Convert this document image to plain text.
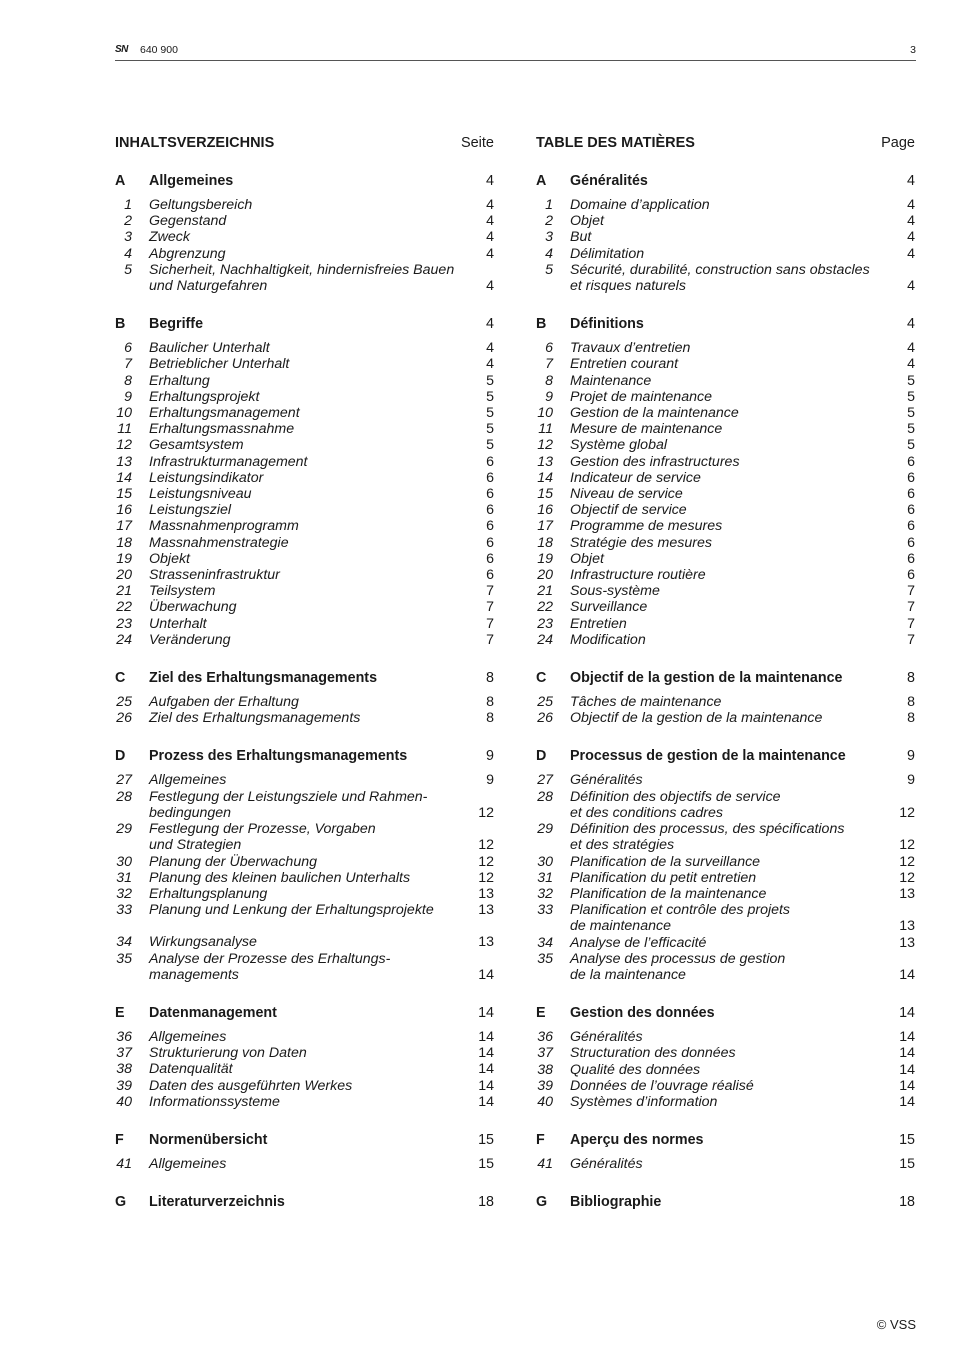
SN 640 900	3
INHALTSVERZEICHNIS	Seite
A Allgemeines	4
1 Geltungsbereich	4
2 Gegenstand	4
3 Zweck	4
4 Abgrenzung	4
5 Sicherheit, Nachhaltigkeit, hindernisfreies Bauen
und Naturgefahren	4
B Begriffe	4
6 Baulicher Unterhalt	4
7 Betrieblicher Unterhalt	4
8 Erhaltung	5
9 Erhaltungsprojekt	5
10 Erhaltungsmanagement	5
11 Erhaltungsmassnahme	5
12 Gesamtsystem	5
13 Infrastrukturmanagement	6
14 Leistungsindikator	6
15 Leistungsniveau	6
16 Leistungsziel	6
17 Massnahmenprogramm	6
18 Massnahmenstrategie	6
19 Objekt	6
20 Strasseninfrastruktur	6
21 Teilsystem	7
22 Überwachung	7
23 Unterhalt	7
24 Veränderung	7
C Ziel des Erhaltungsmanagements	8
25 Aufgaben der Erhaltung	8
26 Ziel des Erhaltungsmanagements	8
D Prozess des Erhaltungsmanagements	9
27 Allgemeines	9
28 Festlegung der Leistungsziele und Rahmen-
bedingungen	12
29 Festlegung der Prozesse, Vorgaben
und Strategien	12
30 Planung der Überwachung	12
31 Planung des kleinen baulichen Unterhalts	12
32 Erhaltungsplanung	13
33 Planung und Lenkung der Erhaltungsprojekte	13
34 Wirkungsanalyse	13
35 Analyse der Prozesse des Erhaltungs-
managements	14
E Datenmanagement	14
36 Allgemeines	14
37 Strukturierung von Daten	14
38 Datenqualität	14
39 Daten des ausgeführten Werkes	14
40 Informationssysteme	14
F Normenübersicht	15
41 Allgemeines	15
G Literaturverzeichnis	18
TABLE DES MATIÈRES	Page
A Généralités	4
1 Domaine d’application	4
2 Objet	4
3 But	4
4 Délimitation	4
5 Sécurité, durabilité, construction sans obstacles
et risques naturels	4
B Définitions	4
6 Travaux d’entretien	4
7 Entretien courant	4
8 Maintenance	5
9 Projet de maintenance	5
10 Gestion de la maintenance	5
11 Mesure de maintenance	5
12 Système global	5
13 Gestion des infrastructures	6
14 Indicateur de service	6
15 Niveau de service	6
16 Objectif de service	6
17 Programme de mesures	6
18 Stratégie des mesures	6
19 Objet	6
20 Infrastructure routière	6
21 Sous-système	7
22 Surveillance	7
23 Entretien	7
24 Modification	7
C Objectif de la gestion de la maintenance	8
25 Tâches de maintenance	8
26 Objectif de la gestion de la maintenance	8
D Processus de gestion de la maintenance	9
27 Généralités	9
28 Définition des objectifs de service
et des conditions cadres	12
29 Définition des processus, des spécifications
et des stratégies	12
30 Planification de la surveillance	12
31 Planification du petit entretien	12
32 Planification de la maintenance	13
33 Planification et contrôle des projets
de maintenance	13
34 Analyse de l’efficacité	13
35 Analyse des processus de gestion
de la maintenance	14
E Gestion des données	14
36 Généralités	14
37 Structuration des données	14
38 Qualité des données	14
39 Données de l’ouvrage réalisé	14
40 Systèmes d’information	14
F Aperçu des normes	15
41 Généralités	15
G Bibliographie	18
© VSS
